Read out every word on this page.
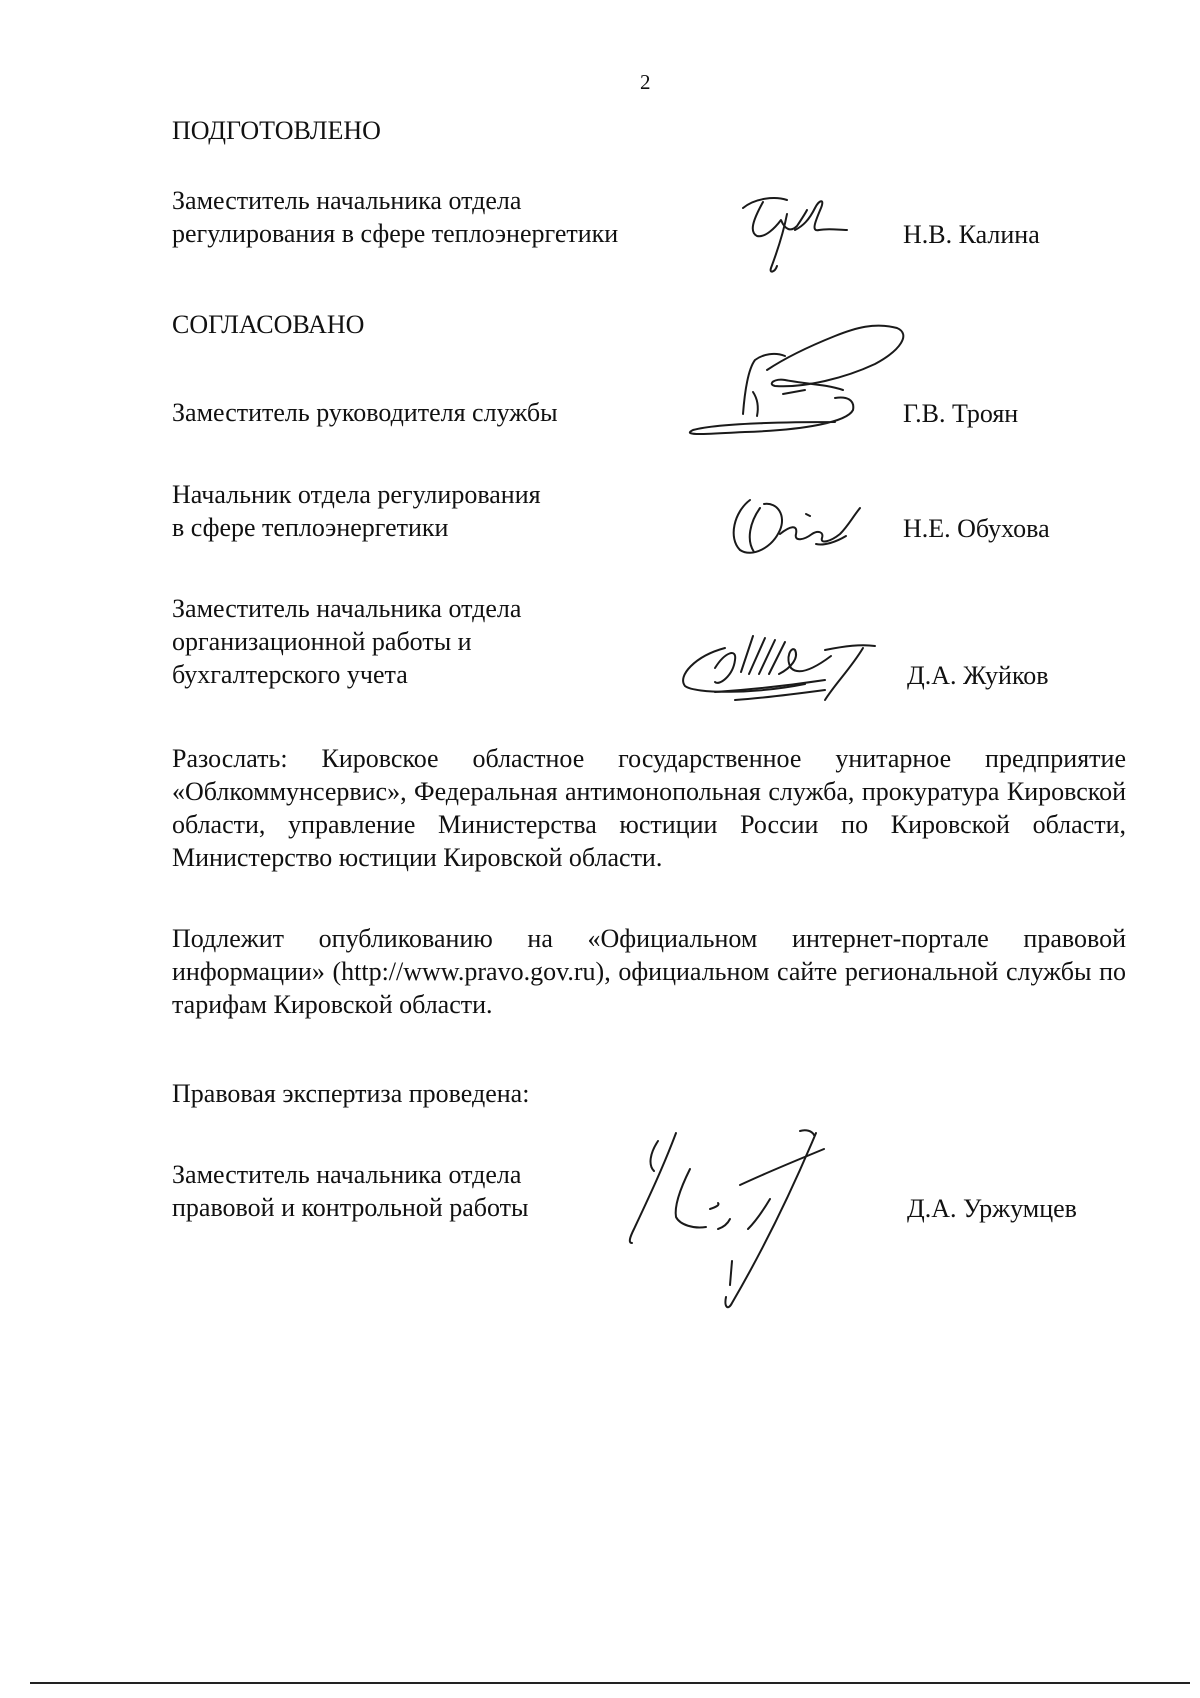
2
ПОДГОТОВЛЕНО
Заместитель начальника отдела
регулирования в сфере теплоэнергетики	Н.В. Калина
СОГЛАСОВАНО
Заместитель руководителя службы	Г.В. Троян
Начальник отдела регулирования
в сфере теплоэнергетики	Н.Е. Обухова
Заместитель начальника отдела
организационной работы и
бухгалтерского учета	Д.А. Жуйков
Разослать: Кировское областное государственное унитарное предприятие «Облкоммунсервис», Федеральная антимонопольная служба, прокуратура Кировской области, управление Министерства юстиции России по Кировской области, Министерство юстиции Кировской области.
Подлежит опубликованию на «Официальном интернет-портале правовой информации» (http://www.pravo.gov.ru), официальном сайте региональной службы по тарифам Кировской области.
Правовая экспертиза проведена:
Заместитель начальника отдела
правовой и контрольной работы	Д.А. Уржумцев
